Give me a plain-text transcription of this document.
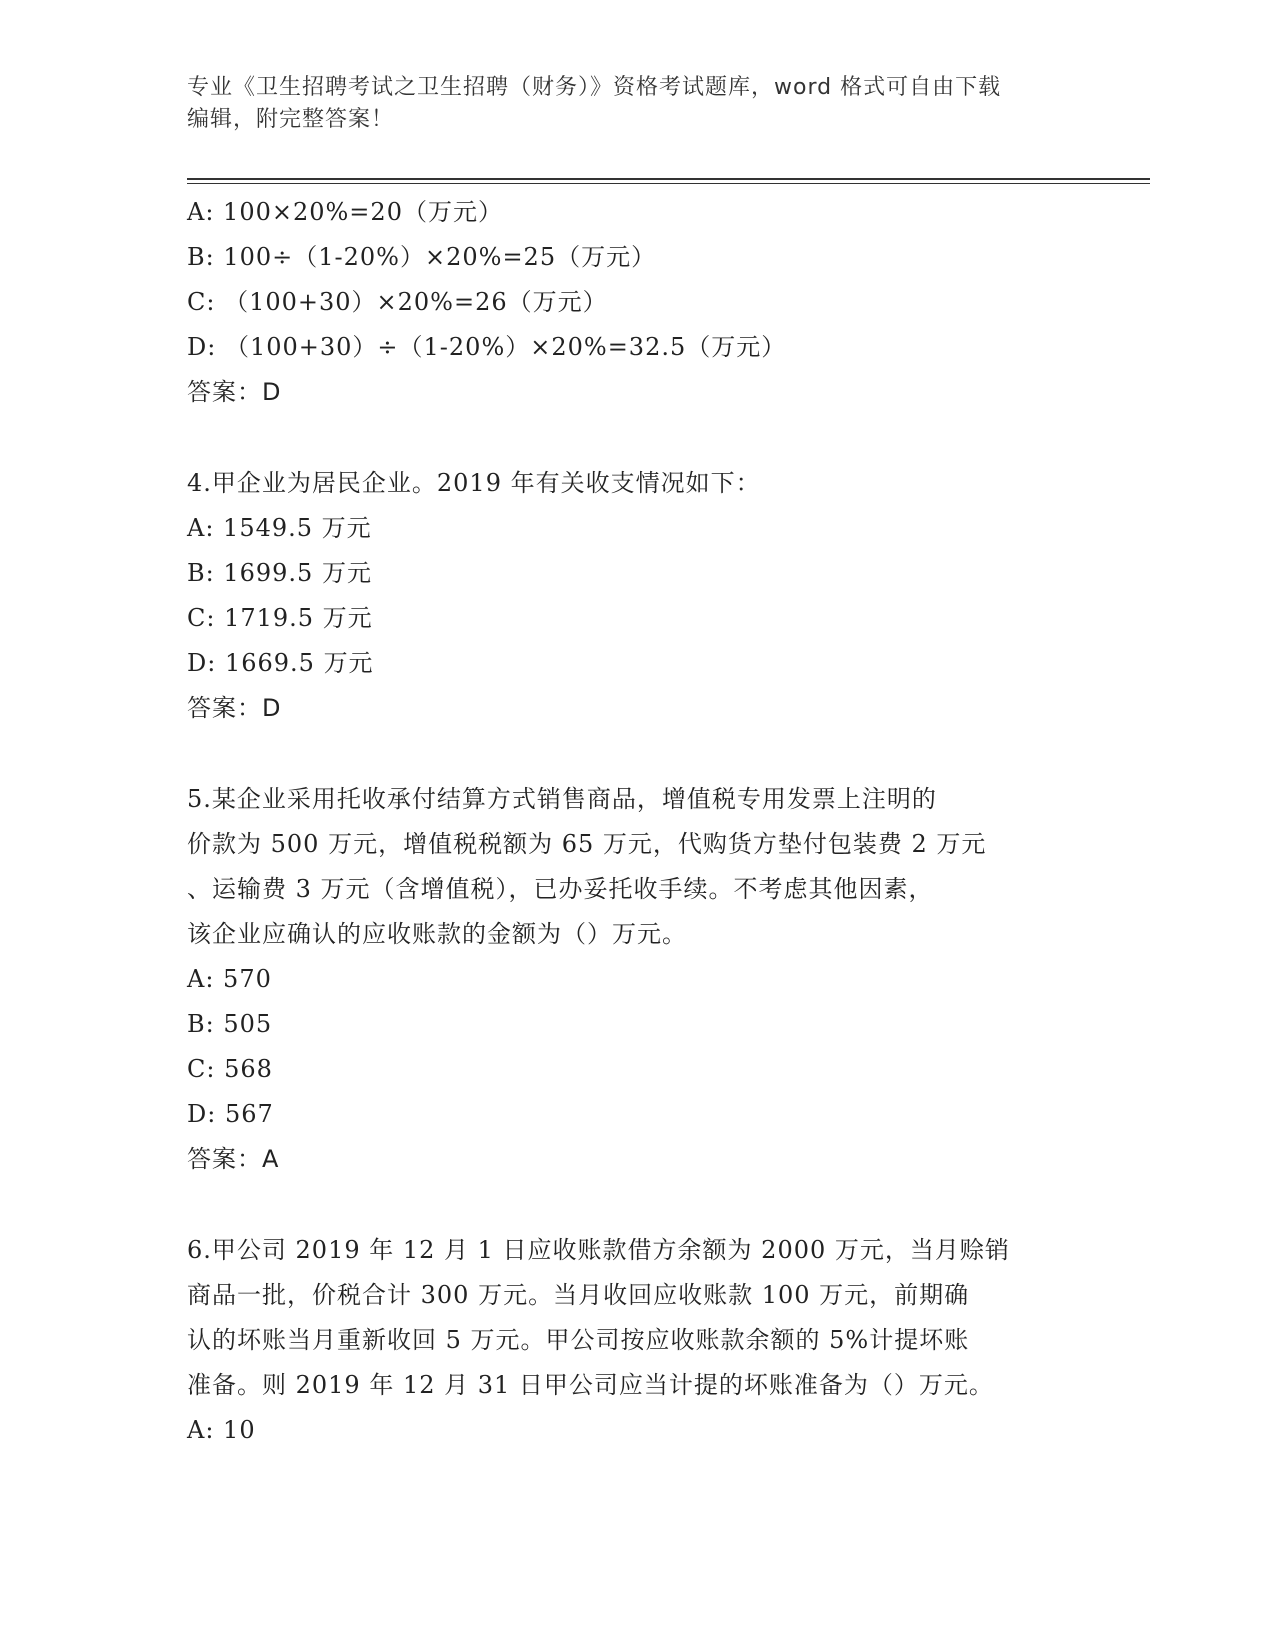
专业《卫生招聘考试之卫生招聘（财务）》资格考试题库，word 格式可自由下载
编辑，附完整答案！
A: 100×20%=20（万元）
B: 100÷（1-20%）×20%=25（万元）
C: （100+30）×20%=26（万元）
D: （100+30）÷（1-20%）×20%=32.5（万元）
答案：D
4.甲企业为居民企业。2019 年有关收支情况如下：
A: 1549.5 万元
B: 1699.5 万元
C: 1719.5 万元
D: 1669.5 万元
答案：D
5.某企业采用托收承付结算方式销售商品，增值税专用发票上注明的
价款为 500 万元，增值税税额为 65 万元，代购货方垫付包装费 2 万元
、运输费 3 万元（含增值税），已办妥托收手续。不考虑其他因素，
该企业应确认的应收账款的金额为（）万元。
A: 570
B: 505
C: 568
D: 567
答案：A
6.甲公司 2019 年 12 月 1 日应收账款借方余额为 2000 万元，当月赊销
商品一批，价税合计 300 万元。当月收回应收账款 100 万元，前期确
认的坏账当月重新收回 5 万元。甲公司按应收账款余额的 5%计提坏账
准备。则 2019 年 12 月 31 日甲公司应当计提的坏账准备为（）万元。
A: 10
